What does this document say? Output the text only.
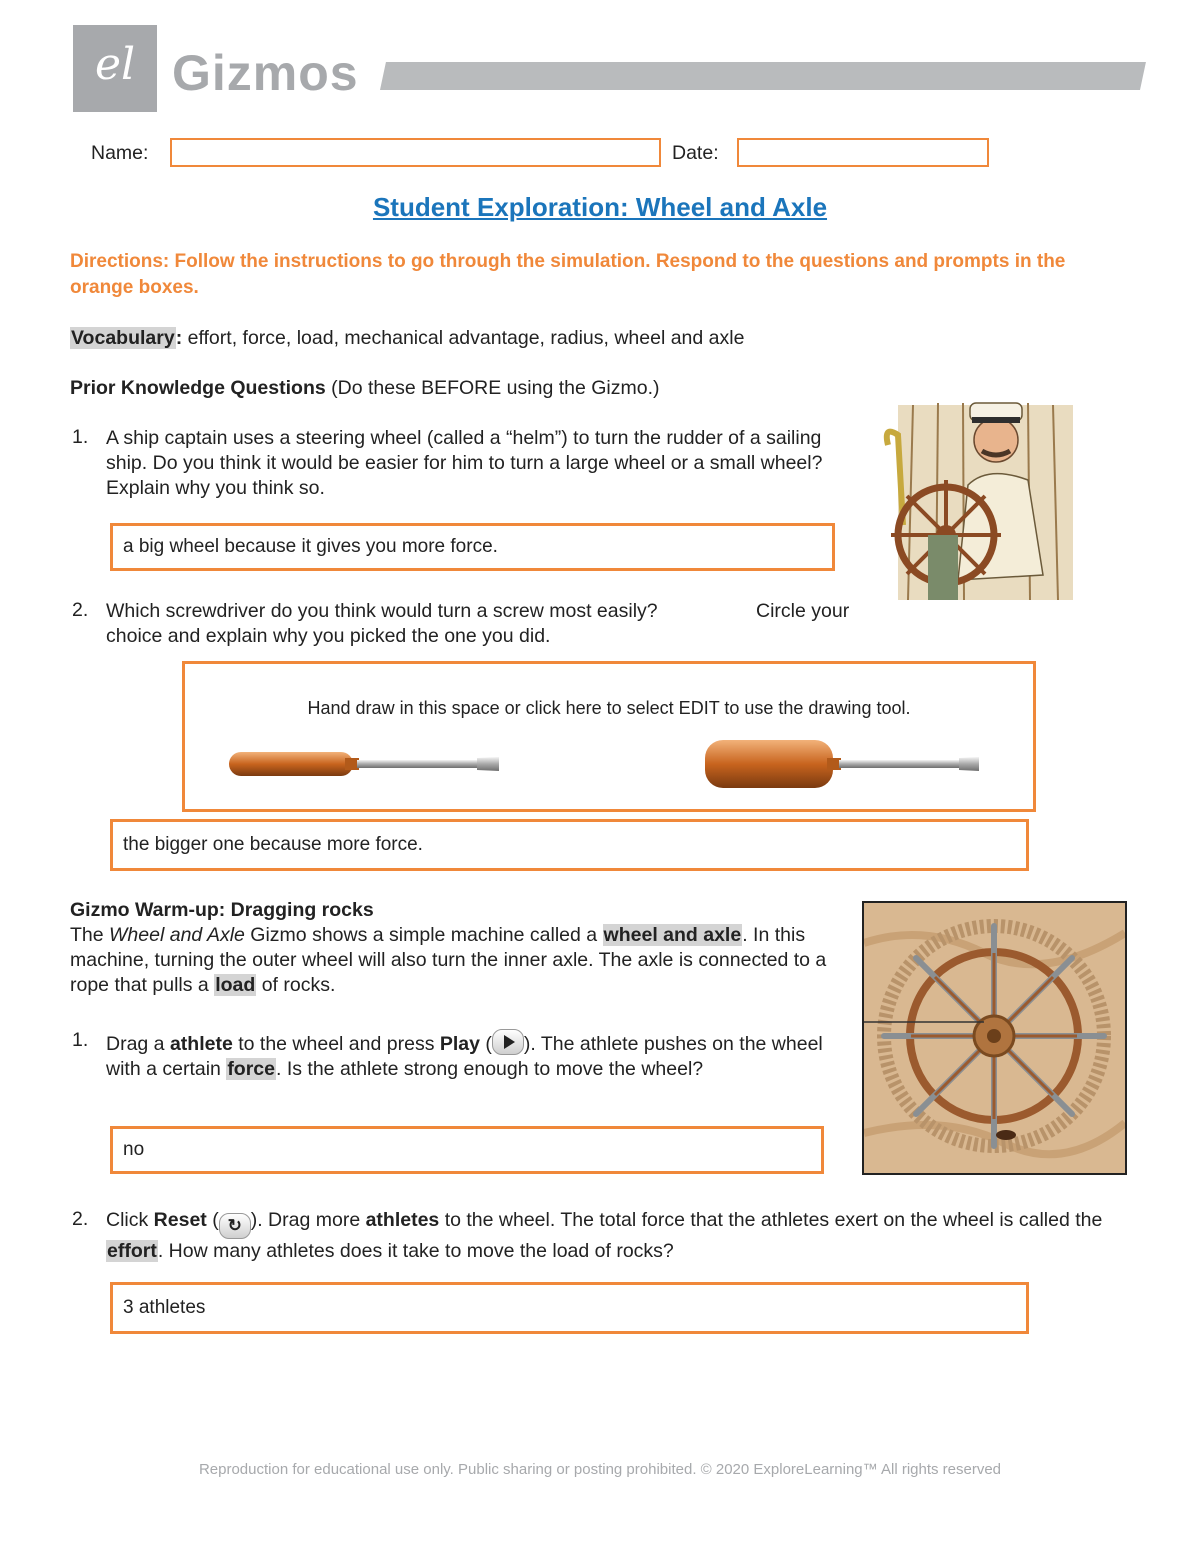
el Gizmos
Name:	Date:
Student Exploration: Wheel and Axle
Directions: Follow the instructions to go through the simulation. Respond to the questions and prompts in the orange boxes.
Vocabulary: effort, force, load, mechanical advantage, radius, wheel and axle
Prior Knowledge Questions (Do these BEFORE using the Gizmo.)
1. A ship captain uses a steering wheel (called a “helm”) to turn the rudder of a sailing ship. Do you think it would be easier for him to turn a large wheel or a small wheel? Explain why you think so.
a big wheel because it gives you more force.
2. Which screwdriver do you think would turn a screw most easily?	Circle your choice and explain why you picked the one you did.
Hand draw in this space or click here to select EDIT to use the drawing tool.
the bigger one because more force.
Gizmo Warm-up: Dragging rocks
The Wheel and Axle Gizmo shows a simple machine called a wheel and axle. In this machine, turning the outer wheel will also turn the inner axle. The axle is connected to a rope that pulls a load of rocks.
1. Drag a athlete to the wheel and press Play ( ). The athlete pushes on the wheel with a certain force. Is the athlete strong enough to move the wheel?
no
2. Click Reset ( ↻ ). Drag more athletes to the wheel. The total force that the athletes exert on the wheel is called the effort. How many athletes does it take to move the load of rocks?
3 athletes
Reproduction for educational use only. Public sharing or posting prohibited. © 2020 ExploreLearning™ All rights reserved
